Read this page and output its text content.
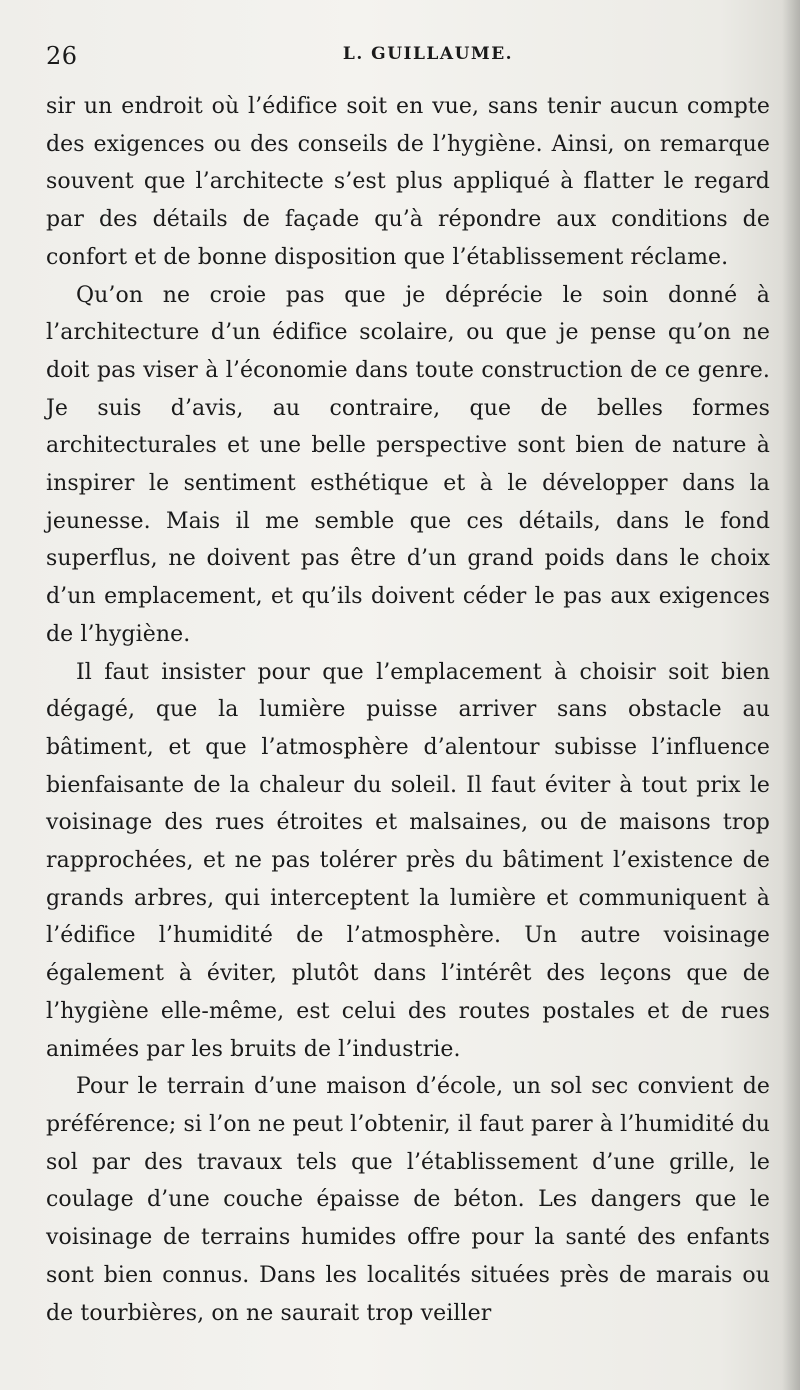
26	L. GUILLAUME.

sir un endroit où l’édifice soit en vue, sans tenir aucun compte des exigences ou des conseils de l’hygiène. Ainsi, on remarque souvent que l’architecte s’est plus appliqué à flatter le regard par des détails de façade qu’à répondre aux conditions de confort et de bonne disposition que l’établissement réclame.

Qu’on ne croie pas que je déprécie le soin donné à l’architecture d’un édifice scolaire, ou que je pense qu’on ne doit pas viser à l’économie dans toute construction de ce genre. Je suis d’avis, au contraire, que de belles formes architecturales et une belle perspective sont bien de nature à inspirer le sentiment esthétique et à le développer dans la jeunesse. Mais il me semble que ces détails, dans le fond superflus, ne doivent pas être d’un grand poids dans le choix d’un emplacement, et qu’ils doivent céder le pas aux exigences de l’hygiène.

Il faut insister pour que l’emplacement à choisir soit bien dégagé, que la lumière puisse arriver sans obstacle au bâtiment, et que l’atmosphère d’alentour subisse l’influence bienfaisante de la chaleur du soleil. Il faut éviter à tout prix le voisinage des rues étroites et malsaines, ou de maisons trop rapprochées, et ne pas tolérer près du bâtiment l’existence de grands arbres, qui interceptent la lumière et communiquent à l’édifice l’humidité de l’atmosphère. Un autre voisinage également à éviter, plutôt dans l’intérêt des leçons que de l’hygiène elle-même, est celui des routes postales et de rues animées par les bruits de l’industrie.

Pour le terrain d’une maison d’école, un sol sec convient de préférence; si l’on ne peut l’obtenir, il faut parer à l’humidité du sol par des travaux tels que l’établissement d’une grille, le coulage d’une couche épaisse de béton. Les dangers que le voisinage de terrains humides offre pour la santé des enfants sont bien connus. Dans les localités situées près de marais ou de tourbières, on ne saurait trop veiller
